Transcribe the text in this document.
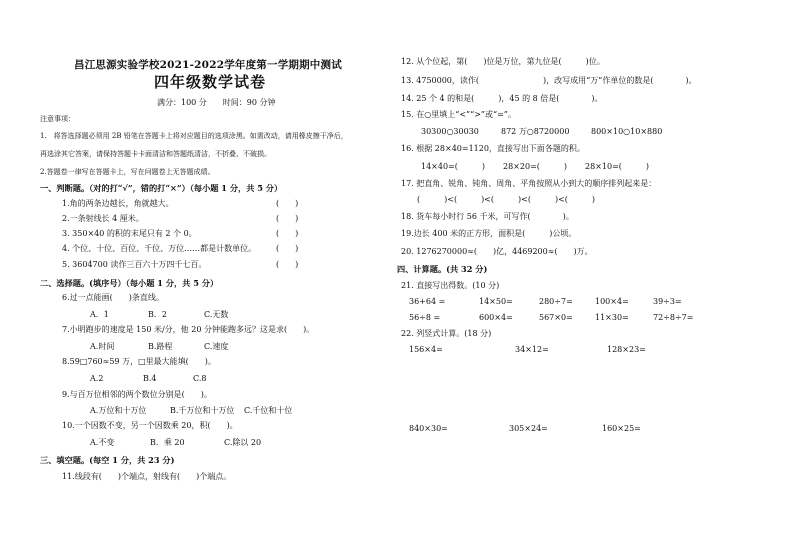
昌江思源实验学校2021-2022学年度第一学期期中测试
四年级数学试卷
满分：100 分　　时间：90 分钟
注意事项：
1.　将答选择题必须用 2B 铅笔在答题卡上将对应题目的选项涂黑。如需改动，请用橡皮擦干净后，
再选涂其它答案，请保持答题卡卡面清洁和答题纸清洁，不折叠、不破损。
2.答题卷一律写在答题卡上，写在问题卷上无答题成绩。
一、判断题。（对的打“√”，错的打“×”）（每小题 1 分，共 5 分）
1.角的两条边越长，角就越大。	(　　)
2.一条射线长 4 厘米。	(　　)
3. 350×40 的积的末尾只有 2 个 0。	(　　)
4. 个位、十位、百位、千位、万位……都是计数单位。 (　　)
5. 3604700 读作三百六十万四千七百。	(　　)
二、选择题。(填序号）（每小题 1 分，共 5 分）
6.过一点能画(　　)条直线。
A．1	B．2	C.无数
7.小明跑步的速度是 150 米/分，他 20 分钟能跑多远？这是求(　　)。
A.时间	B.路程	C.速度
8.59□760≈59 万，□里最大能填(　　)。
A.2	B.4	C.8
9.与百万位相邻的两个数位分别是(　　)。
A.万位和十万位	B.千万位和十万位 C.千位和十位
10.一个因数不变，另一个因数乘 20，积(　　)。
A.不变	B．乘 20	C.除以 20
三、填空题。(每空 1 分，共 23 分)
11.线段有(　　)个端点，射线有(　　)个端点。
12. 从个位起，第(　　)位是万位，第九位是(　　　)位。
13. 4750000，读作(　　　　　　　　)，改写成用“万”作单位的数是(　　　　)。
14. 25 个 4 的和是(　　　)，45 的 8 倍是(　　　　)。
15. 在○里填上“<”“>”或“=”。
30300○30030	872 万○8720000	800×10○10×880
16. 根据 28×40=1120，直接写出下面各题的积。
14×40=(　　　) 28×20=(　　　) 28×10=(　　　)
17. 把直角、锐角、钝角、周角、平角按照从小到大的顺序排列起来是：
(　　　)<(　　　)<(　　　)<(　　　)<(　　　)
18. 货车每小时行 56 千米，可写作(　　　　)。
19.边长 400 米的正方形，面积是(　　　)公顷。
20. 1276270000≈(　　)亿，4469200≈(　　)万。
四、计算题。(共 32 分)
21. 直接写出得数。(10 分)
36+64 =	14×50=	280÷7=	100×4=	39÷3=
56÷8 =	600×4=	567×0=	11×30=	72÷8÷7=
22. 列竖式计算。(18 分)
156×4=	34×12=	128×23=
840×30=	305×24=	160×25=
